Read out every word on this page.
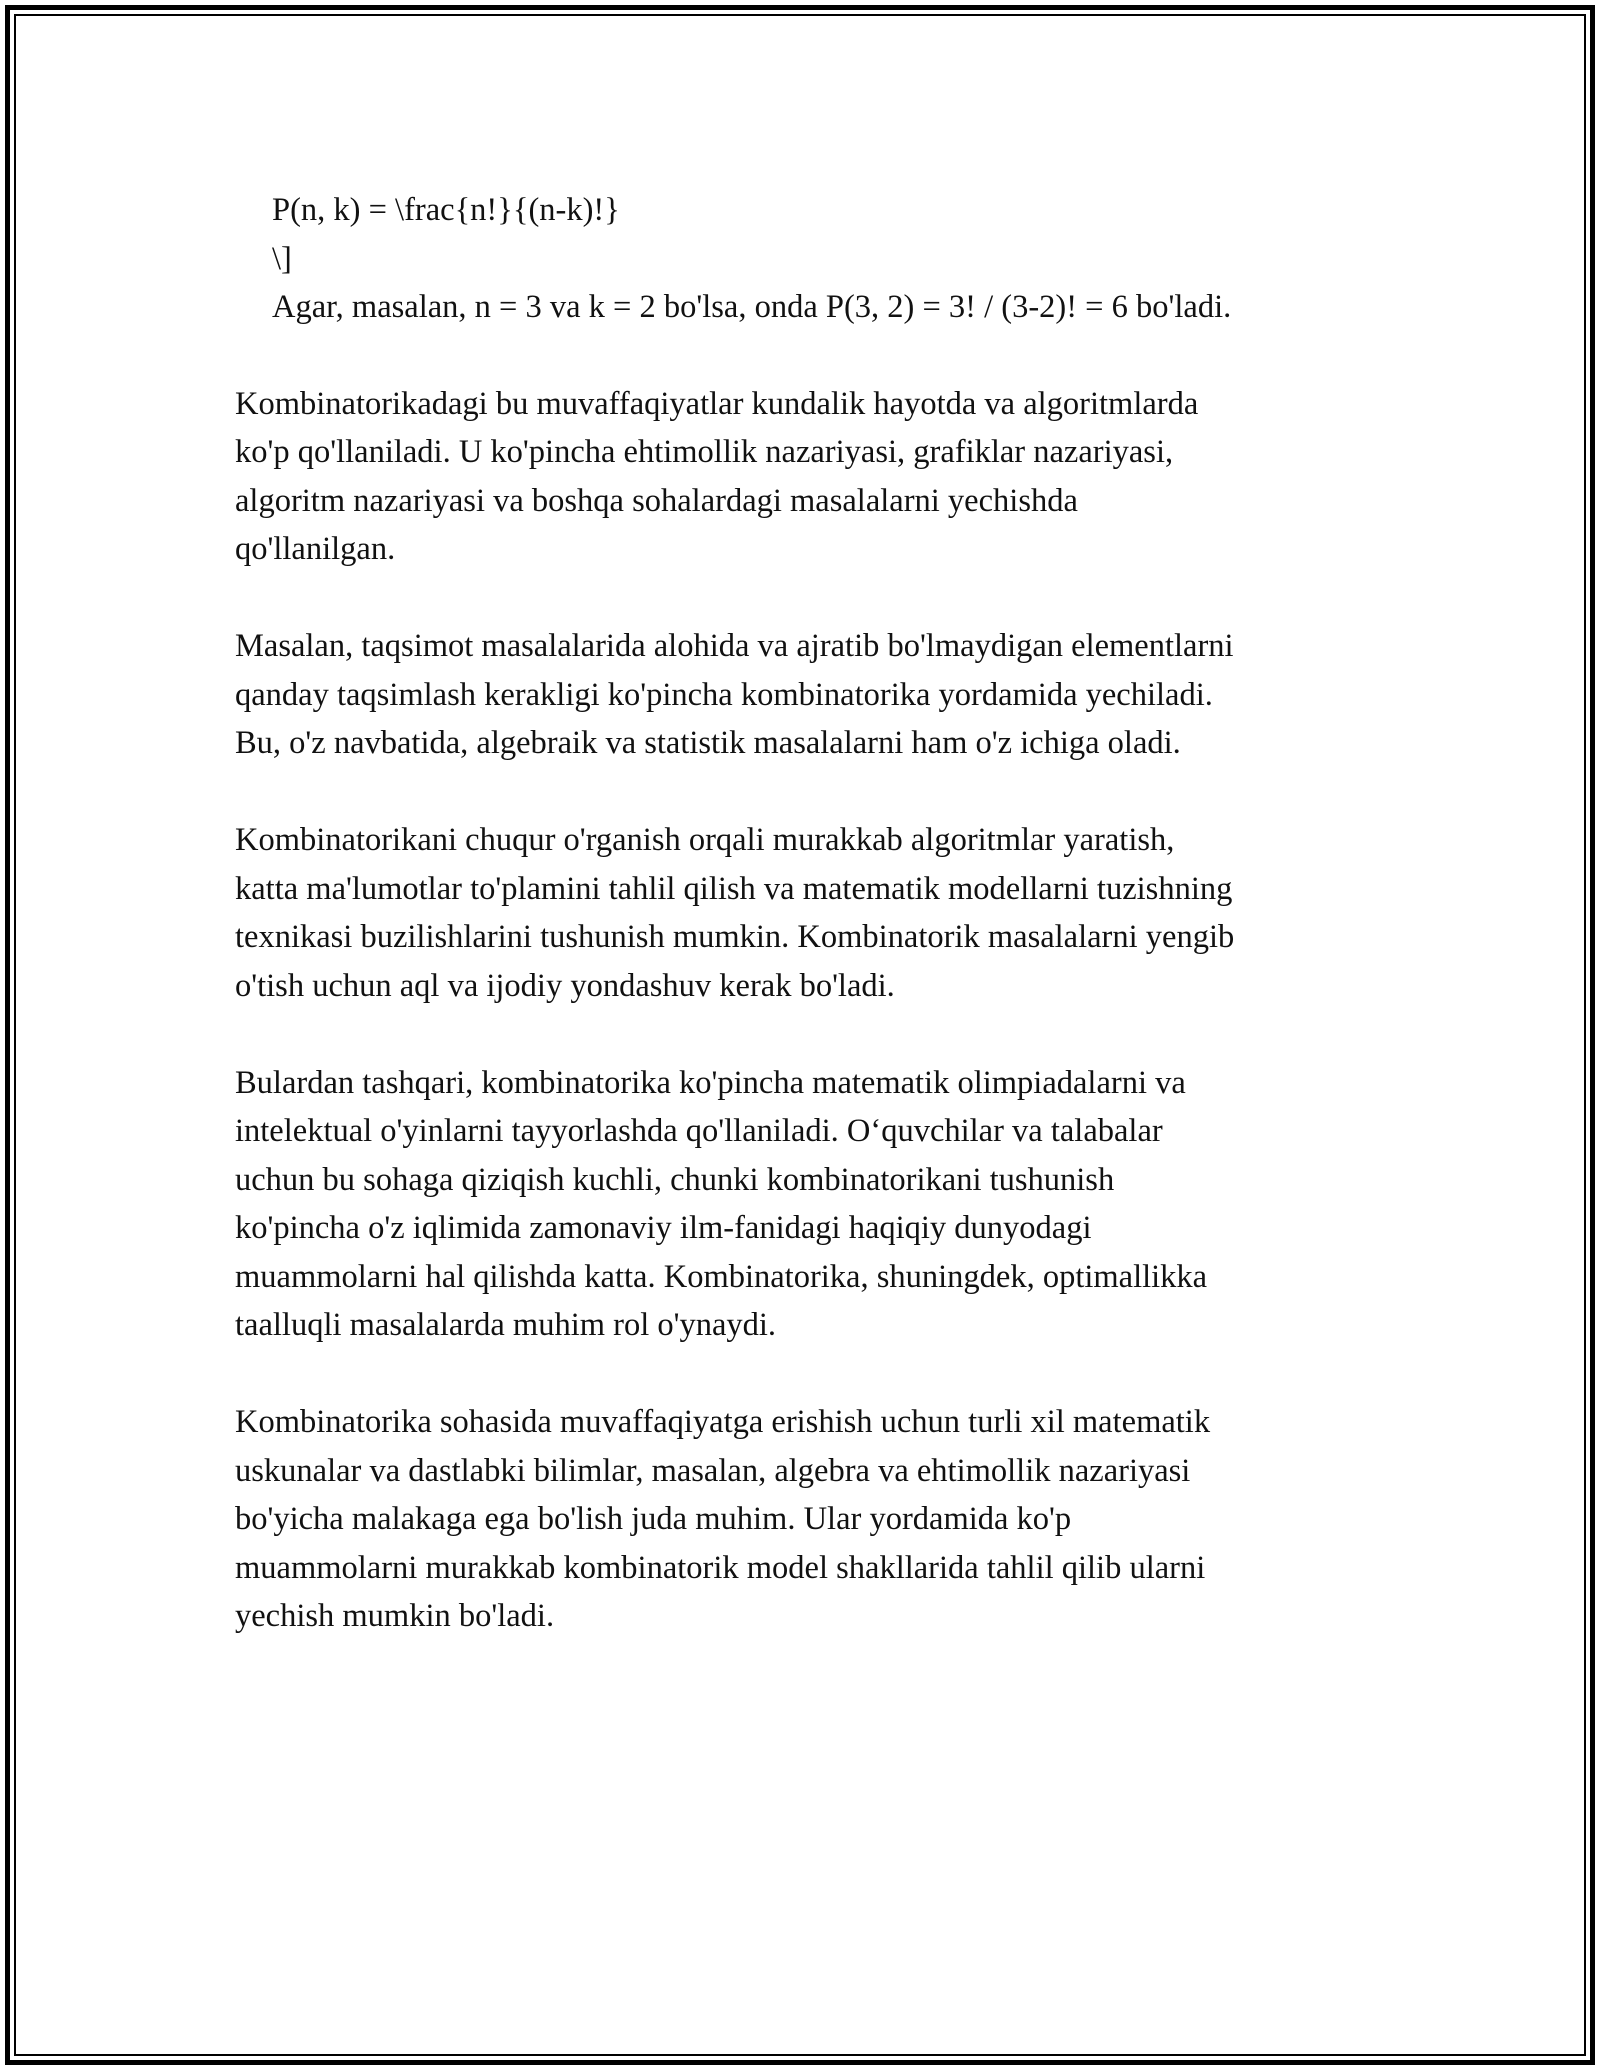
P(n, k) = \frac{n!}{(n-k)!}
\]
Agar, masalan, n = 3 va k = 2 bo'lsa, onda P(3, 2) = 3! / (3-2)! = 6 bo'ladi.

Kombinatorikadagi bu muvaffaqiyatlar kundalik hayotda va algoritmlarda
ko'p qo'llaniladi. U ko'pincha ehtimollik nazariyasi, grafiklar nazariyasi,
algoritm nazariyasi va boshqa sohalardagi masalalarni yechishda
qo'llanilgan.

Masalan, taqsimot masalalarida alohida va ajratib bo'lmaydigan elementlarni
qanday taqsimlash kerakligi ko'pincha kombinatorika yordamida yechiladi.
Bu, o'z navbatida, algebraik va statistik masalalarni ham o'z ichiga oladi.

Kombinatorikani chuqur o'rganish orqali murakkab algoritmlar yaratish,
katta ma'lumotlar to'plamini tahlil qilish va matematik modellarni tuzishning
texnikasi buzilishlarini tushunish mumkin. Kombinatorik masalalarni yengib
o'tish uchun aql va ijodiy yondashuv kerak bo'ladi.

Bulardan tashqari, kombinatorika ko'pincha matematik olimpiadalarni va
intelektual o'yinlarni tayyorlashda qo'llaniladi. O‘quvchilar va talabalar
uchun bu sohaga qiziqish kuchli, chunki kombinatorikani tushunish
ko'pincha o'z iqlimida zamonaviy ilm-fanidagi haqiqiy dunyodagi
muammolarni hal qilishda katta. Kombinatorika, shuningdek, optimallikka
taalluqli masalalarda muhim rol o'ynaydi.

Kombinatorika sohasida muvaffaqiyatga erishish uchun turli xil matematik
uskunalar va dastlabki bilimlar, masalan, algebra va ehtimollik nazariyasi
bo'yicha malakaga ega bo'lish juda muhim. Ular yordamida ko'p
muammolarni murakkab kombinatorik model shakllarida tahlil qilib ularni
yechish mumkin bo'ladi.
